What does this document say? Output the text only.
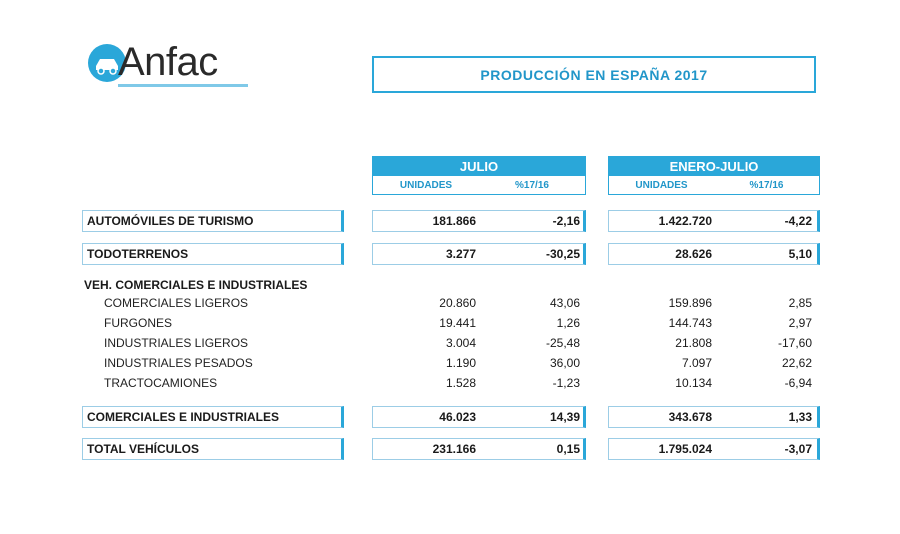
Anfac	PRODUCCIÓN EN ESPAÑA 2017
JULIO
UNIDADES	%17/16
ENERO-JULIO
UNIDADES	%17/16
AUTOMÓVILES DE TURISMO	181.866	-2,16	1.422.720	-4,22
TODOTERRENOS	3.277	-30,25	28.626	5,10
VEH. COMERCIALES E INDUSTRIALES
COMERCIALES LIGEROS	20.860	43,06	159.896	2,85
FURGONES	19.441	1,26	144.743	2,97
INDUSTRIALES LIGEROS	3.004	-25,48	21.808	-17,60
INDUSTRIALES PESADOS	1.190	36,00	7.097	22,62
TRACTOCAMIONES	1.528	-1,23	10.134	-6,94
COMERCIALES E INDUSTRIALES	46.023	14,39	343.678	1,33
TOTAL VEHÍCULOS	231.166	0,15	1.795.024	-3,07
